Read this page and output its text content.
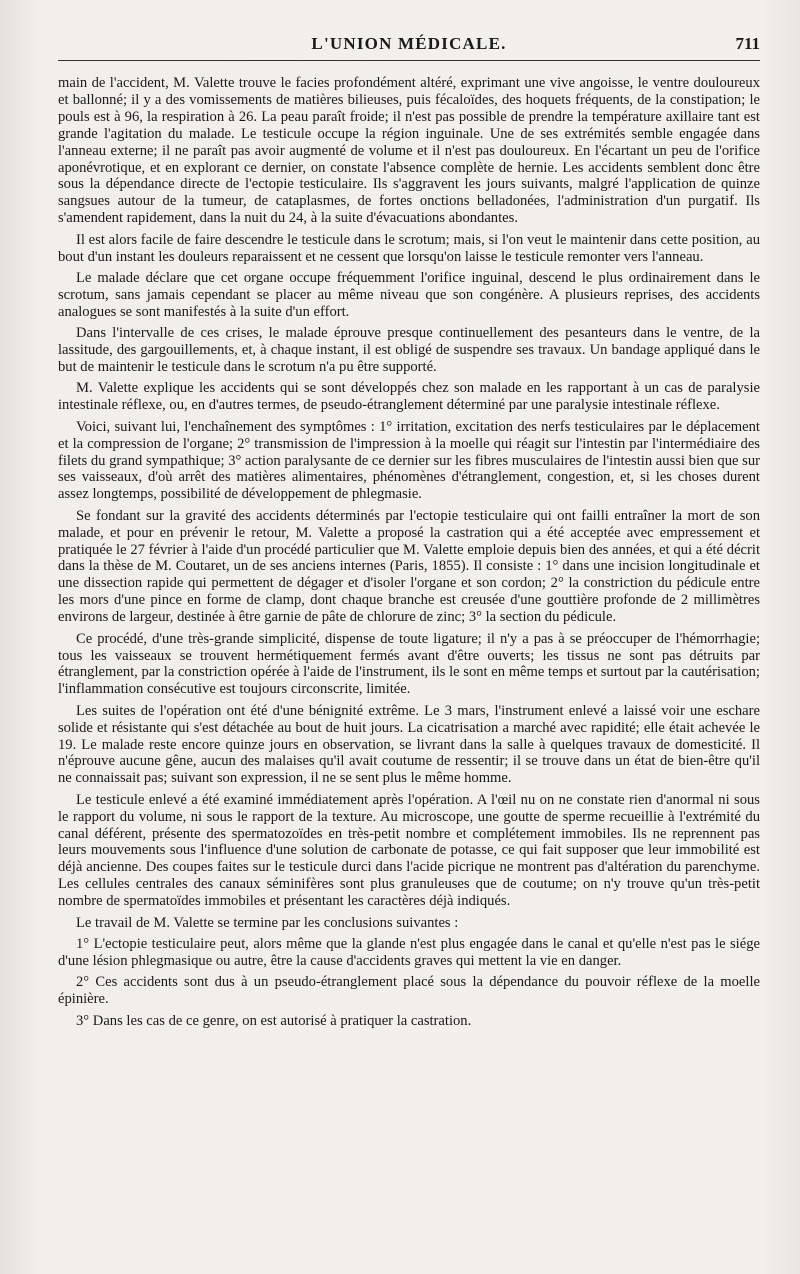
L'UNION MÉDICALE.	711

main de l'accident, M. Valette trouve le facies profondément altéré, exprimant une vive angoisse, le ventre douloureux et ballonné; il y a des vomissements de matières bilieuses, puis fécaloïdes, des hoquets fréquents, de la constipation; le pouls est à 96, la respiration à 26. La peau paraît froide; il n'est pas possible de prendre la température axillaire tant est grande l'agitation du malade. Le testicule occupe la région inguinale. Une de ses extrémités semble engagée dans l'anneau externe; il ne paraît pas avoir augmenté de volume et il n'est pas douloureux. En l'écartant un peu de l'orifice aponévrotique, et en explorant ce dernier, on constate l'absence complète de hernie. Les accidents semblent donc être sous la dépendance directe de l'ectopie testiculaire. Ils s'aggravent les jours suivants, malgré l'application de quinze sangsues autour de la tumeur, de cataplasmes, de fortes onctions belladonées, l'administration d'un purgatif. Ils s'amendent rapidement, dans la nuit du 24, à la suite d'évacuations abondantes.

Il est alors facile de faire descendre le testicule dans le scrotum; mais, si l'on veut le maintenir dans cette position, au bout d'un instant les douleurs reparaissent et ne cessent que lorsqu'on laisse le testicule remonter vers l'anneau.

Le malade déclare que cet organe occupe fréquemment l'orifice inguinal, descend le plus ordinairement dans le scrotum, sans jamais cependant se placer au même niveau que son congénère. A plusieurs reprises, des accidents analogues se sont manifestés à la suite d'un effort.

Dans l'intervalle de ces crises, le malade éprouve presque continuellement des pesanteurs dans le ventre, de la lassitude, des gargouillements, et, à chaque instant, il est obligé de suspendre ses travaux. Un bandage appliqué dans le but de maintenir le testicule dans le scrotum n'a pu être supporté.

M. Valette explique les accidents qui se sont développés chez son malade en les rapportant à un cas de paralysie intestinale réflexe, ou, en d'autres termes, de pseudo-étranglement déterminé par une paralysie intestinale réflexe.

Voici, suivant lui, l'enchaînement des symptômes : 1° irritation, excitation des nerfs testiculaires par le déplacement et la compression de l'organe; 2° transmission de l'impression à la moelle qui réagit sur l'intestin par l'intermédiaire des filets du grand sympathique; 3° action paralysante de ce dernier sur les fibres musculaires de l'intestin aussi bien que sur ses vaisseaux, d'où arrêt des matières alimentaires, phénomènes d'étranglement, congestion, et, si les choses durent assez longtemps, possibilité de développement de phlegmasie.

Se fondant sur la gravité des accidents déterminés par l'ectopie testiculaire qui ont failli entraîner la mort de son malade, et pour en prévenir le retour, M. Valette a proposé la castration qui a été acceptée avec empressement et pratiquée le 27 février à l'aide d'un procédé particulier que M. Valette emploie depuis bien des années, et qui a été décrit dans la thèse de M. Coutaret, un de ses anciens internes (Paris, 1855). Il consiste : 1° dans une incision longitudinale et une dissection rapide qui permettent de dégager et d'isoler l'organe et son cordon; 2° la constriction du pédicule entre les mors d'une pince en forme de clamp, dont chaque branche est creusée d'une gouttière profonde de 2 millimètres environs de largeur, destinée à être garnie de pâte de chlorure de zinc; 3° la section du pédicule.

Ce procédé, d'une très-grande simplicité, dispense de toute ligature; il n'y a pas à se préoccuper de l'hémorrhagie; tous les vaisseaux se trouvent hermétiquement fermés avant d'être ouverts; les tissus ne sont pas détruits par étranglement, par la constriction opérée à l'aide de l'instrument, ils le sont en même temps et surtout par la cautérisation; l'inflammation consécutive est toujours circonscrite, limitée.

Les suites de l'opération ont été d'une bénignité extrême. Le 3 mars, l'instrument enlevé a laissé voir une eschare solide et résistante qui s'est détachée au bout de huit jours. La cicatrisation a marché avec rapidité; elle était achevée le 19. Le malade reste encore quinze jours en observation, se livrant dans la salle à quelques travaux de domesticité. Il n'éprouve aucune gêne, aucun des malaises qu'il avait coutume de ressentir; il se trouve dans un état de bien-être qu'il ne connaissait pas; suivant son expression, il ne se sent plus le même homme.

Le testicule enlevé a été examiné immédiatement après l'opération. A l'œil nu on ne constate rien d'anormal ni sous le rapport du volume, ni sous le rapport de la texture. Au microscope, une goutte de sperme recueillie à l'extrémité du canal déférent, présente des spermatozoïdes en très-petit nombre et complétement immobiles. Ils ne reprennent pas leurs mouvements sous l'influence d'une solution de carbonate de potasse, ce qui fait supposer que leur immobilité est déjà ancienne. Des coupes faites sur le testicule durci dans l'acide picrique ne montrent pas d'altération du parenchyme. Les cellules centrales des canaux séminifères sont plus granuleuses que de coutume; on n'y trouve qu'un très-petit nombre de spermatoïdes immobiles et présentant les caractères déjà indiqués.

Le travail de M. Valette se termine par les conclusions suivantes :

1° L'ectopie testiculaire peut, alors même que la glande n'est plus engagée dans le canal et qu'elle n'est pas le siége d'une lésion phlegmasique ou autre, être la cause d'accidents graves qui mettent la vie en danger.

2° Ces accidents sont dus à un pseudo-étranglement placé sous la dépendance du pouvoir réflexe de la moelle épinière.

3° Dans les cas de ce genre, on est autorisé à pratiquer la castration.
